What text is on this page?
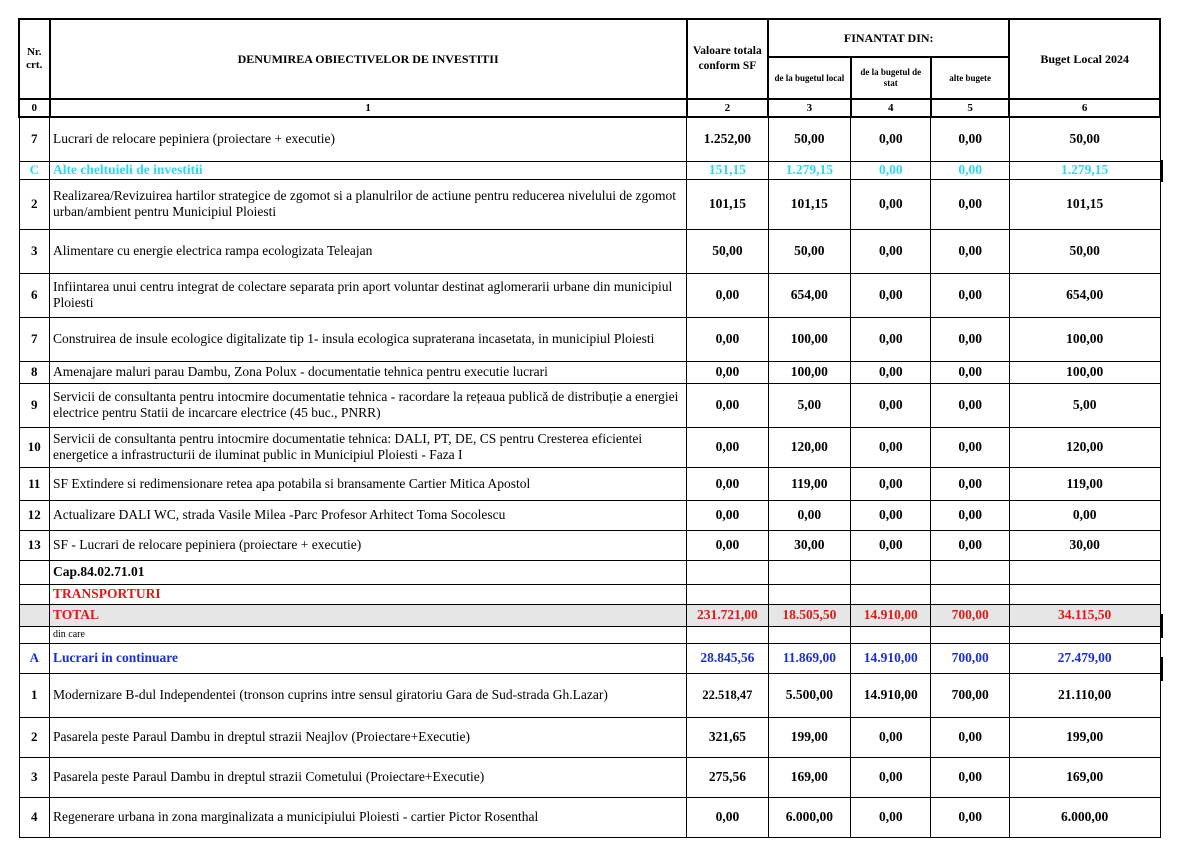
Nr. crt.	DENUMIREA OBIECTIVELOR DE INVESTITII	Valoare totala conform SF	FINANTAT DIN:			Buget Local 2024
			de la bugetul local	de la bugetul de stat	alte bugete	
0	1	2	3	4	5	6
7	Lucrari de relocare pepiniera (proiectare + executie)	1.252,00	50,00	0,00	0,00	50,00
C	Alte cheltuieli de investitii	151,15	1.279,15	0,00	0,00	1.279,15
2	Realizarea/Revizuirea hartilor strategice de zgomot si a planulrilor de actiune pentru reducerea nivelului de zgomot urban/ambient pentru Municipiul Ploiesti	101,15	101,15	0,00	0,00	101,15
3	Alimentare cu energie electrica rampa ecologizata Teleajan	50,00	50,00	0,00	0,00	50,00
6	Infiintarea unui centru integrat de colectare separata prin aport voluntar destinat aglomerarii urbane din municipiul Ploiesti	0,00	654,00	0,00	0,00	654,00
7	Construirea de insule ecologice digitalizate tip 1- insula ecologica supraterana incasetata, in municipiul Ploiesti	0,00	100,00	0,00	0,00	100,00
8	Amenajare maluri parau Dambu, Zona Polux - documentatie tehnica pentru executie lucrari	0,00	100,00	0,00	0,00	100,00
9	Servicii de consultanta pentru intocmire documentatie tehnica - racordare la rețeaua publică de distribuție a energiei electrice pentru Statii de incarcare electrice (45 buc., PNRR)	0,00	5,00	0,00	0,00	5,00
10	Servicii de consultanta pentru intocmire documentatie tehnica: DALI, PT, DE, CS pentru Cresterea eficientei energetice a infrastructurii de iluminat public in Municipiul Ploiesti - Faza I	0,00	120,00	0,00	0,00	120,00
11	SF Extindere si redimensionare retea apa potabila si bransamente Cartier Mitica Apostol	0,00	119,00	0,00	0,00	119,00
12	Actualizare DALI WC, strada Vasile Milea -Parc Profesor Arhitect Toma Socolescu	0,00	0,00	0,00	0,00	0,00
13	SF - Lucrari de relocare pepiniera (proiectare + executie)	0,00	30,00	0,00	0,00	30,00
	Cap.84.02.71.01					
	TRANSPORTURI					
	TOTAL	231.721,00	18.505,50	14.910,00	700,00	34.115,50
	din care					
A	Lucrari in continuare	28.845,56	11.869,00	14.910,00	700,00	27.479,00
1	Modernizare B-dul Independentei (tronson cuprins intre sensul giratoriu Gara de Sud-strada Gh.Lazar)	22.518,47	5.500,00	14.910,00	700,00	21.110,00
2	Pasarela peste Paraul Dambu in dreptul strazii Neajlov (Proiectare+Executie)	321,65	199,00	0,00	0,00	199,00
3	Pasarela peste Paraul Dambu in dreptul strazii Cometului (Proiectare+Executie)	275,56	169,00	0,00	0,00	169,00
4	Regenerare urbana in zona marginalizata a municipiului Ploiesti - cartier Pictor Rosenthal	0,00	6.000,00	0,00	0,00	6.000,00
